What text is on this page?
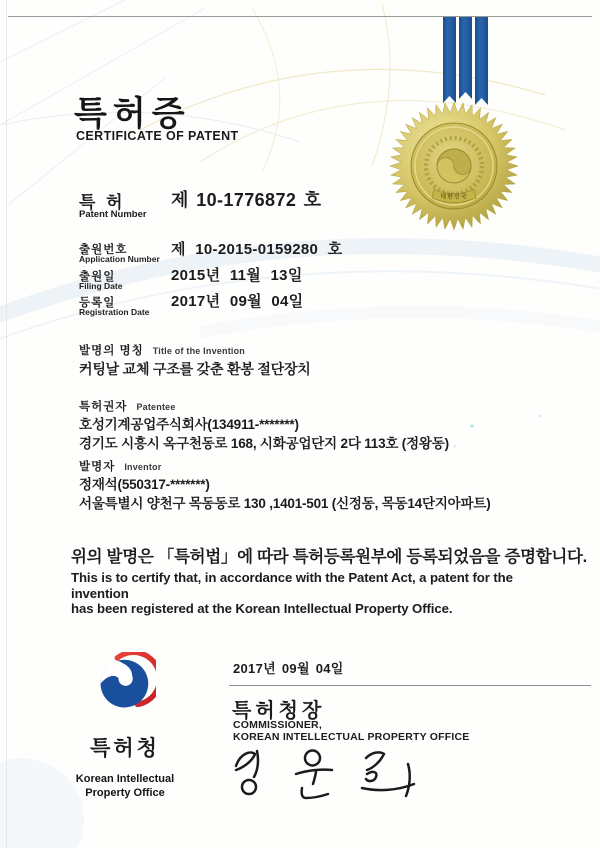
대한민국
특허증
CERTIFICATE OF PATENT
특 허
Patent Number
제 10-1776872 호
출원번호
Application Number
제 10-2015-0159280 호
출원일
Filing Date
2015년 11월 13일
등록일
Registration Date
2017년 09월 04일
발명의 명칭 Title of the Invention
커팅날 교체 구조를 갖춘 환봉 절단장치
특허권자 Patentee
호성기계공업주식회사(134911-*******)
경기도 시흥시 옥구천동로 168, 시화공업단지 2다 113호 (정왕동)
발명자 Inventor
정재석(550317-*******)
서울특별시 양천구 목동동로 130 ,1401-501 (신정동, 목동14단지아파트)
위의 발명은 「특허법」에 따라 특허등록원부에 등록되었음을 증명합니다.
This is to certify that, in accordance with the Patent Act, a patent for the invention
has been registered at the Korean Intellectual Property Office.
특허청
Korean Intellectual
Property Office
2017년 09월 04일
특허청장
COMMISSIONER,
KOREAN INTELLECTUAL PROPERTY OFFICE
